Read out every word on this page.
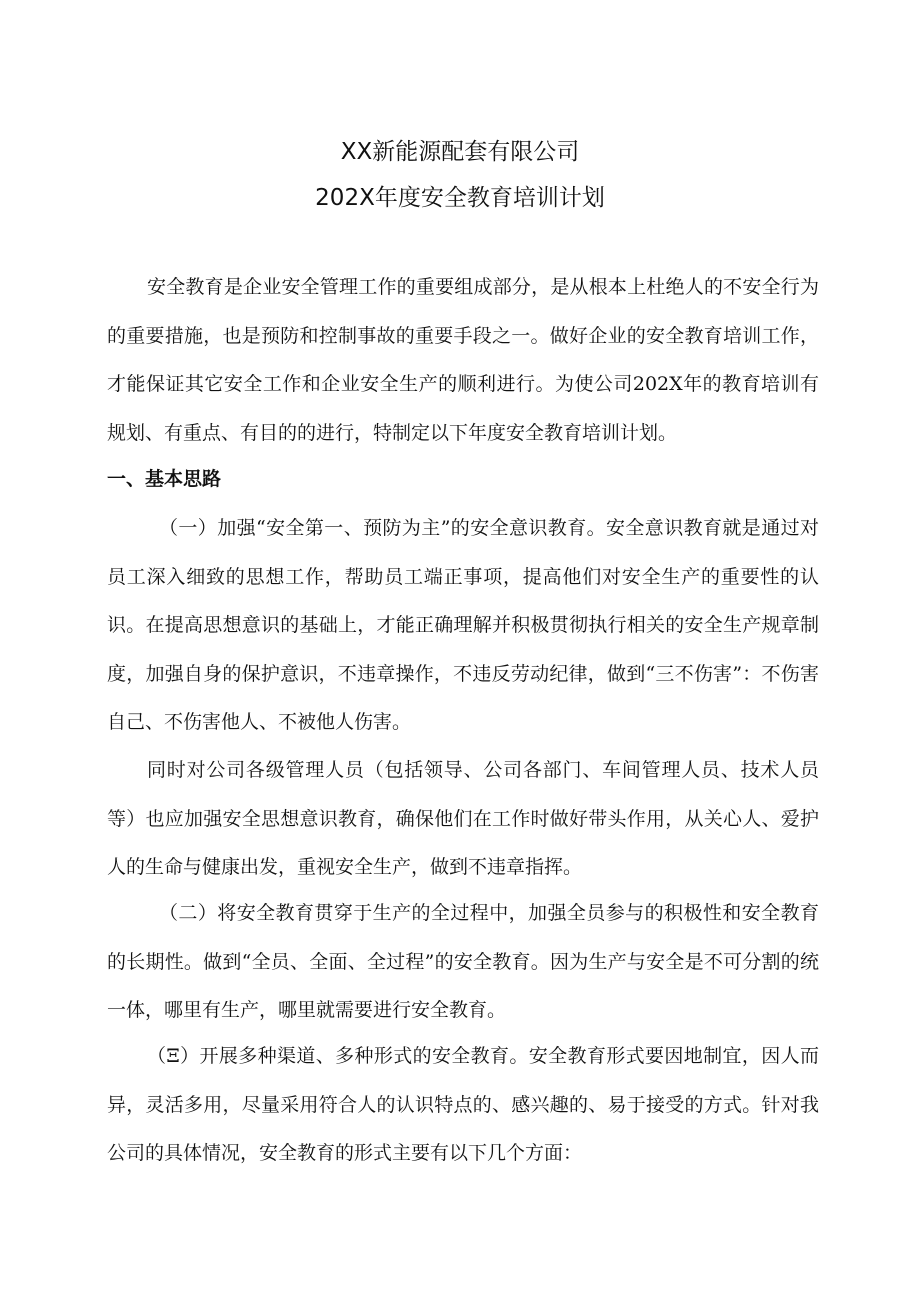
XX新能源配套有限公司
202X年度安全教育培训计划
安全教育是企业安全管理工作的重要组成部分，是从根本上杜绝人的不安全行为的重要措施，也是预防和控制事故的重要手段之一。做好企业的安全教育培训工作，才能保证其它安全工作和企业安全生产的顺利进行。为使公司202X年的教育培训有规划、有重点、有目的的进行，特制定以下年度安全教育培训计划。
一、基本思路
（一）加强“安全第一、预防为主”的安全意识教育。安全意识教育就是通过对员工深入细致的思想工作，帮助员工端正事项，提高他们对安全生产的重要性的认识。在提高思想意识的基础上，才能正确理解并积极贯彻执行相关的安全生产规章制度，加强自身的保护意识，不违章操作，不违反劳动纪律，做到“三不伤害”：不伤害自己、不伤害他人、不被他人伤害。
同时对公司各级管理人员（包括领导、公司各部门、车间管理人员、技术人员等）也应加强安全思想意识教育，确保他们在工作时做好带头作用，从关心人、爱护人的生命与健康出发，重视安全生产，做到不违章指挥。
（二）将安全教育贯穿于生产的全过程中，加强全员参与的积极性和安全教育的长期性。做到“全员、全面、全过程”的安全教育。因为生产与安全是不可分割的统一体，哪里有生产，哪里就需要进行安全教育。
（Ξ）开展多种渠道、多种形式的安全教育。安全教育形式要因地制宜，因人而异，灵活多用，尽量采用符合人的认识特点的、感兴趣的、易于接受的方式。针对我公司的具体情况，安全教育的形式主要有以下几个方面：
